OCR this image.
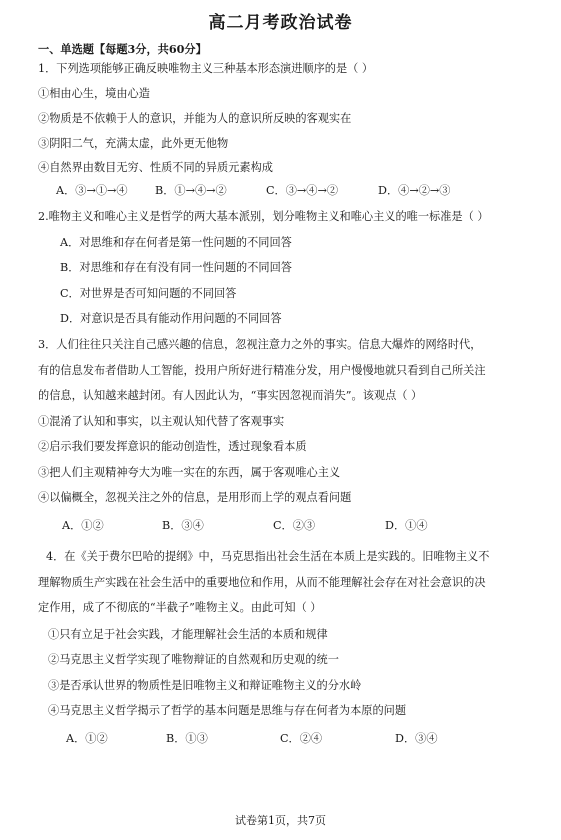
高二月考政治试卷
一、单选题【每题3分，共60分】
1．下列选项能够正确反映唯物主义三种基本形态演进顺序的是（ ）
①相由心生，境由心造
②物质是不依赖于人的意识，并能为人的意识所反映的客观实在
③阴阳二气，充满太虚，此外更无他物
④自然界由数目无穷、性质不同的异质元素构成
A．③→①→④ B．①→④→②	C．③→④→②	D．④→②→③
2.唯物主义和唯心主义是哲学的两大基本派别，划分唯物主义和唯心主义的唯一标准是（ ）
A．对思维和存在何者是第一性问题的不同回答
B．对思维和存在有没有同一性问题的不同回答
C．对世界是否可知问题的不同回答
D．对意识是否具有能动作用问题的不同回答
3．人们往往只关注自己感兴趣的信息，忽视注意力之外的事实。信息大爆炸的网络时代，
有的信息发布者借助人工智能，投用户所好进行精准分发，用户慢慢地就只看到自己所关注
的信息，认知越来越封闭。有人因此认为，“事实因忽视而消失”。该观点（ ）
①混淆了认知和事实，以主观认知代替了客观事实
②启示我们要发挥意识的能动创造性，透过现象看本质
③把人们主观精神夸大为唯一实在的东西，属于客观唯心主义
④以偏概全，忽视关注之外的信息，是用形而上学的观点看问题
A．①②	B．③④	C．②③	D．①④
4．在《关于费尔巴哈的提纲》中，马克思指出社会生活在本质上是实践的。旧唯物主义不
理解物质生产实践在社会生活中的重要地位和作用，从而不能理解社会存在对社会意识的决
定作用，成了不彻底的“半截子”唯物主义。由此可知（ ）
①只有立足于社会实践，才能理解社会生活的本质和规律
②马克思主义哲学实现了唯物辩证的自然观和历史观的统一
③是否承认世界的物质性是旧唯物主义和辩证唯物主义的分水岭
④马克思主义哲学揭示了哲学的基本问题是思维与存在何者为本原的问题
A．①②	B．①③	C．②④	D．③④
试卷第1页，共7页
